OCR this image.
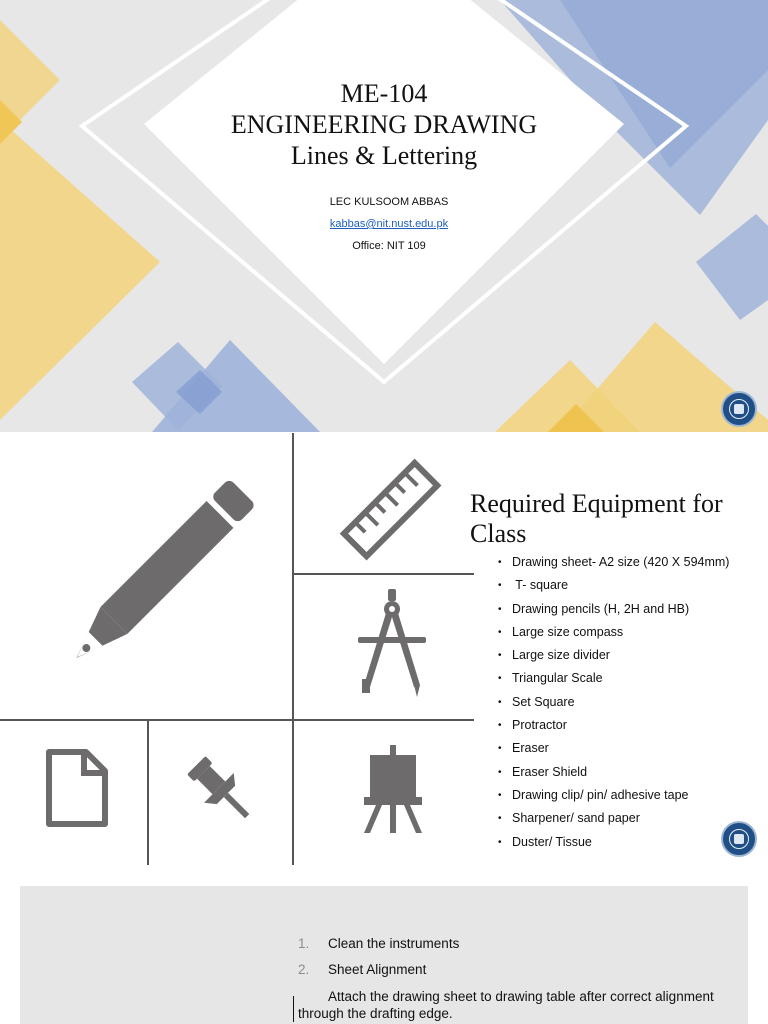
ME-104
ENGINEERING DRAWING
Lines & Lettering
LEC KULSOOM ABBAS
kabbas@nit.nust.edu.pk
Office: NIT 109
Required Equipment for Class
• Drawing sheet- A2 size (420 X 594mm)
• T- square
• Drawing pencils (H, 2H and HB)
• Large size compass
• Large size divider
• Triangular Scale
• Set Square
• Protractor
• Eraser
• Eraser Shield
• Drawing clip/ pin/ adhesive tape
• Sharpener/ sand paper
• Duster/ Tissue
1. Clean the instruments
2. Sheet Alignment
Attach the drawing sheet to drawing table after correct alignment through the drafting edge.
